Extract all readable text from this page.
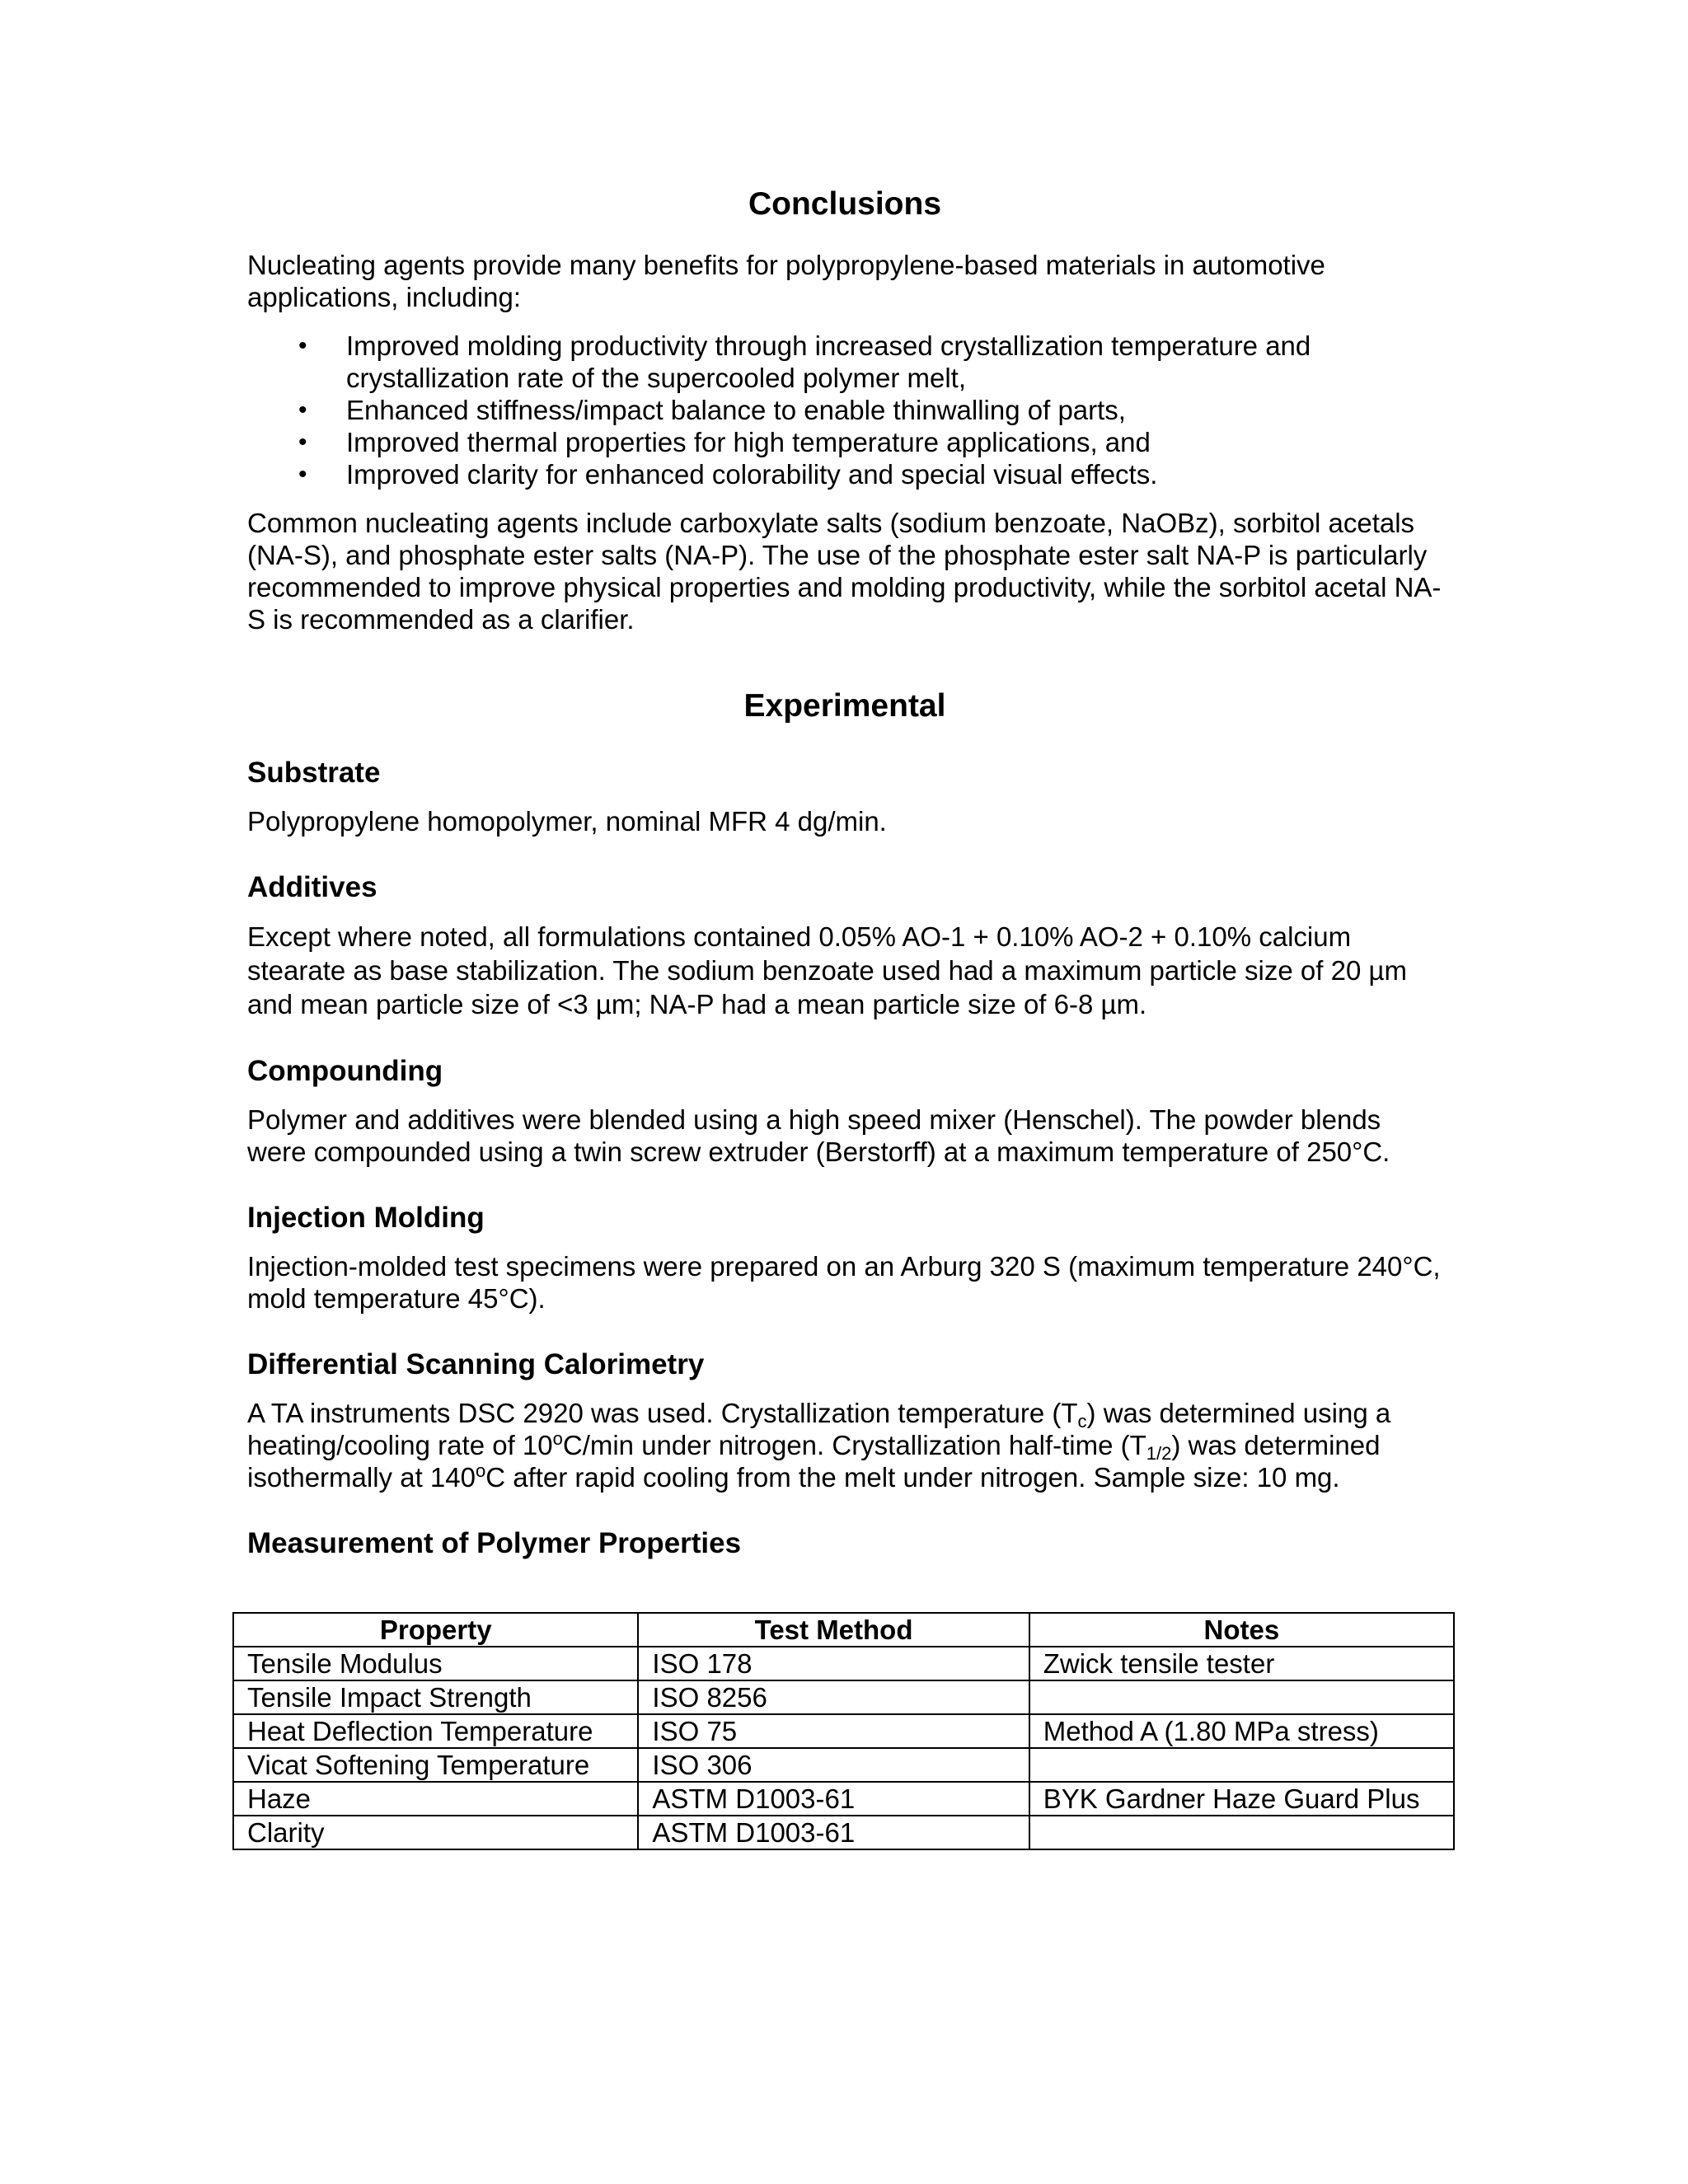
Conclusions

Nucleating agents provide many benefits for polypropylene-based materials in automotive applications, including:

• Improved molding productivity through increased crystallization temperature and crystallization rate of the supercooled polymer melt,
• Enhanced stiffness/impact balance to enable thinwalling of parts,
• Improved thermal properties for high temperature applications, and
• Improved clarity for enhanced colorability and special visual effects.

Common nucleating agents include carboxylate salts (sodium benzoate, NaOBz), sorbitol acetals (NA-S), and phosphate ester salts (NA-P). The use of the phosphate ester salt NA-P is particularly recommended to improve physical properties and molding productivity, while the sorbitol acetal NA-S is recommended as a clarifier.

Experimental
Substrate

Polypropylene homopolymer, nominal MFR 4 dg/min.

Additives

Except where noted, all formulations contained 0.05% AO-1 + 0.10% AO-2 + 0.10% calcium stearate as base stabilization. The sodium benzoate used had a maximum particle size of 20 µm and mean particle size of <3 µm; NA-P had a mean particle size of 6-8 µm.

Compounding

Polymer and additives were blended using a high speed mixer (Henschel). The powder blends were compounded using a twin screw extruder (Berstorff) at a maximum temperature of 250°C.

Injection Molding

Injection-molded test specimens were prepared on an Arburg 320 S (maximum temperature 240°C, mold temperature 45°C).

Differential Scanning Calorimetry

A TA instruments DSC 2920 was used. Crystallization temperature $(T_c)$ was determined using a heating/cooling rate of 10$^o$C/min under nitrogen. Crystallization half-time $(T_{1/2})$ was determined isothermally at 140$^o$C after rapid cooling from the melt under nitrogen. Sample size: 10 mg.

Measurement of Polymer Properties
Property	Test Method	Notes
Tensile Modulus	ISO 178	Zwick tensile tester
Tensile Impact Strength	ISO 8256	
Heat Deflection Temperature	ISO 75	Method A (1.80 MPa stress)
Vicat Softening Temperature	ISO 306	
Haze	ASTM D1003-61	BYK Gardner Haze Guard Plus
Clarity	ASTM D1003-61	
